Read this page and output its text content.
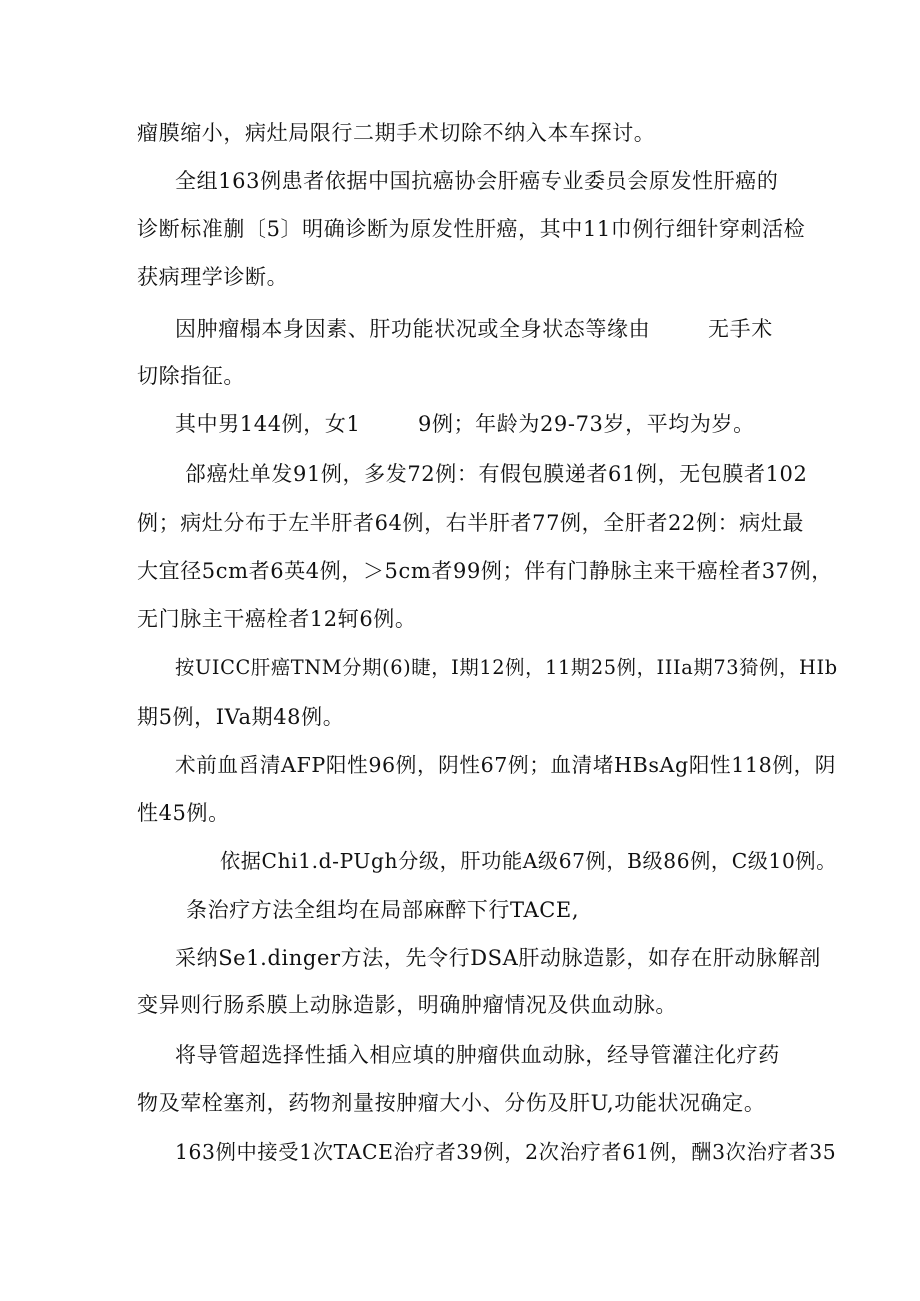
瘤膜缩小，病灶局限行二期手术切除不纳入本车探讨。
全组163例患者依据中国抗癌协会肝癌专业委员会原发性肝癌的
诊断标准蒯〔5〕明确诊断为原发性肝癌，其中11巾例行细针穿刺活检
获病理学诊断。
因肿瘤榻本身因素、肝功能状况或全身状态等缘由	无手术
切除指征。
其中男144例，女1	9例；年龄为29-73岁，平均为岁。
郃癌灶单发91例，多发72例：有假包膜递者61例，无包膜者102
例；病灶分布于左半肝者64例，右半肝者77例，全肝者22例：病灶最
大宜径5cm者6英4例，＞5cm者99例；伴有门静脉主来干癌栓者37例，
无门脉主干癌栓者12轲6例。
按UICC肝癌TNM分期(6)睫，I期12例，11期25例，IIIa期73猗例，HIb
期5例，IVa期48例。
术前血舀清AFP阳性96例，阴性67例；血清堵HBsAg阳性118例，阴
性45例。
依据Chi1.d-PUgh分级，肝功能A级67例，B级86例，C级10例。
条治疗方法全组均在局部麻醉下行TACE,
采纳Se1.dinger方法，先令行DSA肝动脉造影，如存在肝动脉解剖
变异则行肠系膜上动脉造影，明确肿瘤情况及供血动脉。
将导管超选择性插入相应填的肿瘤供血动脉，经导管灌注化疗药
物及荤栓塞剂，药物剂量按肿瘤大小、分伤及肝U,功能状况确定。
163例中接受1次TACE治疗者39例，2次治疗者61例，酬3次治疗者35
